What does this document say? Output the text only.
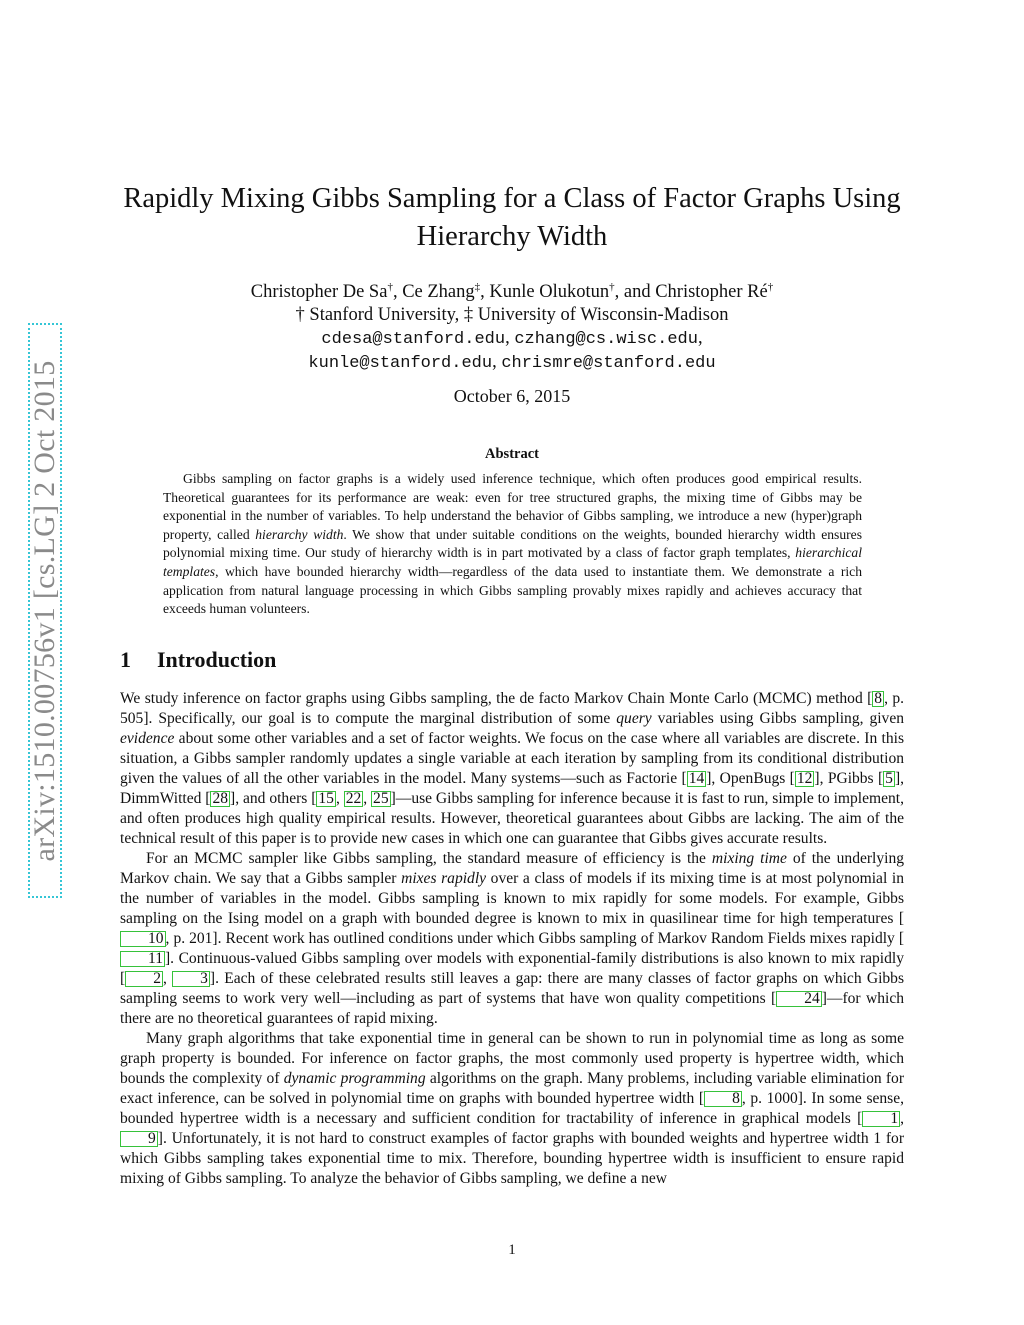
arXiv:1510.00756v1 [cs.LG] 2 Oct 2015
Rapidly Mixing Gibbs Sampling for a Class of Factor Graphs Using
Hierarchy Width
Christopher De Sa†, Ce Zhang‡, Kunle Olukotun†, and Christopher Ré†
† Stanford University, ‡ University of Wisconsin-Madison
cdesa@stanford.edu, czhang@cs.wisc.edu,
kunle@stanford.edu, chrismre@stanford.edu
October 6, 2015
Abstract

Gibbs sampling on factor graphs is a widely used inference technique, which often produces good empirical results. Theoretical guarantees for its performance are weak: even for tree structured graphs, the mixing time of Gibbs may be exponential in the number of variables. To help understand the behavior of Gibbs sampling, we introduce a new (hyper)graph property, called hierarchy width. We show that under suitable conditions on the weights, bounded hierarchy width ensures polynomial mixing time. Our study of hierarchy width is in part motivated by a class of factor graph templates, hierarchical templates, which have bounded hierarchy width—regardless of the data used to instantiate them. We demonstrate a rich application from natural language processing in which Gibbs sampling provably mixes rapidly and achieves accuracy that exceeds human volunteers.

1 Introduction

We study inference on factor graphs using Gibbs sampling, the de facto Markov Chain Monte Carlo (MCMC) method [ 8 , p. 505]. Specifically, our goal is to compute the marginal distribution of some query variables using Gibbs sampling, given evidence about some other variables and a set of factor weights. We focus on the case where all variables are discrete. In this situation, a Gibbs sampler randomly updates a single variable at each iteration by sampling from its conditional distribution given the values of all the other variables in the model. Many systems—such as Factorie [ 14 ], OpenBugs [ 12 ], PGibbs [ 5 ], DimmWitted [ 28 ], and others [ 15 , 22 , 25 ]—use Gibbs sampling for inference because it is fast to run, simple to implement, and often produces high quality empirical results. However, theoretical guarantees about Gibbs are lacking. The aim of the technical result of this paper is to provide new cases in which one can guarantee that Gibbs gives accurate results.

For an MCMC sampler like Gibbs sampling, the standard measure of efficiency is the mixing time of the underlying Markov chain. We say that a Gibbs sampler mixes rapidly over a class of models if its mixing time is at most polynomial in the number of variables in the model. Gibbs sampling is known to mix rapidly for some models. For example, Gibbs sampling on the Ising model on a graph with bounded degree is known to mix in quasilinear time for high temperatures [10 , p. 201]. Recent work has outlined conditions under which Gibbs sampling of Markov Random Fields mixes rapidly [11 ]. Continuous-valued Gibbs sampling over models with exponential-family distributions is also known to mix rapidly [ 2 , 3 ]. Each of these celebrated results still leaves a gap: there are many classes of factor graphs on which Gibbs sampling seems to work very well—including as part of systems that have won quality competitions [ 24 ]—for which there are no theoretical guarantees of rapid mixing.

Many graph algorithms that take exponential time in general can be shown to run in polynomial time as long as some graph property is bounded. For inference on factor graphs, the most commonly used property is hypertree width, which bounds the complexity of dynamic programming algorithms on the graph. Many problems, including variable elimination for exact inference, can be solved in polynomial time on graphs with bounded hypertree width [ 8 , p. 1000]. In some sense, bounded hypertree width is a necessary and sufficient condition for tractability of inference in graphical models [ 1 , 9 ]. Unfortunately, it is not hard to construct examples of factor graphs with bounded weights and hypertree width 1 for which Gibbs sampling takes exponential time to mix. Therefore, bounding hypertree width is insufficient to ensure rapid mixing of Gibbs sampling. To analyze the behavior of Gibbs sampling, we define a new

1
